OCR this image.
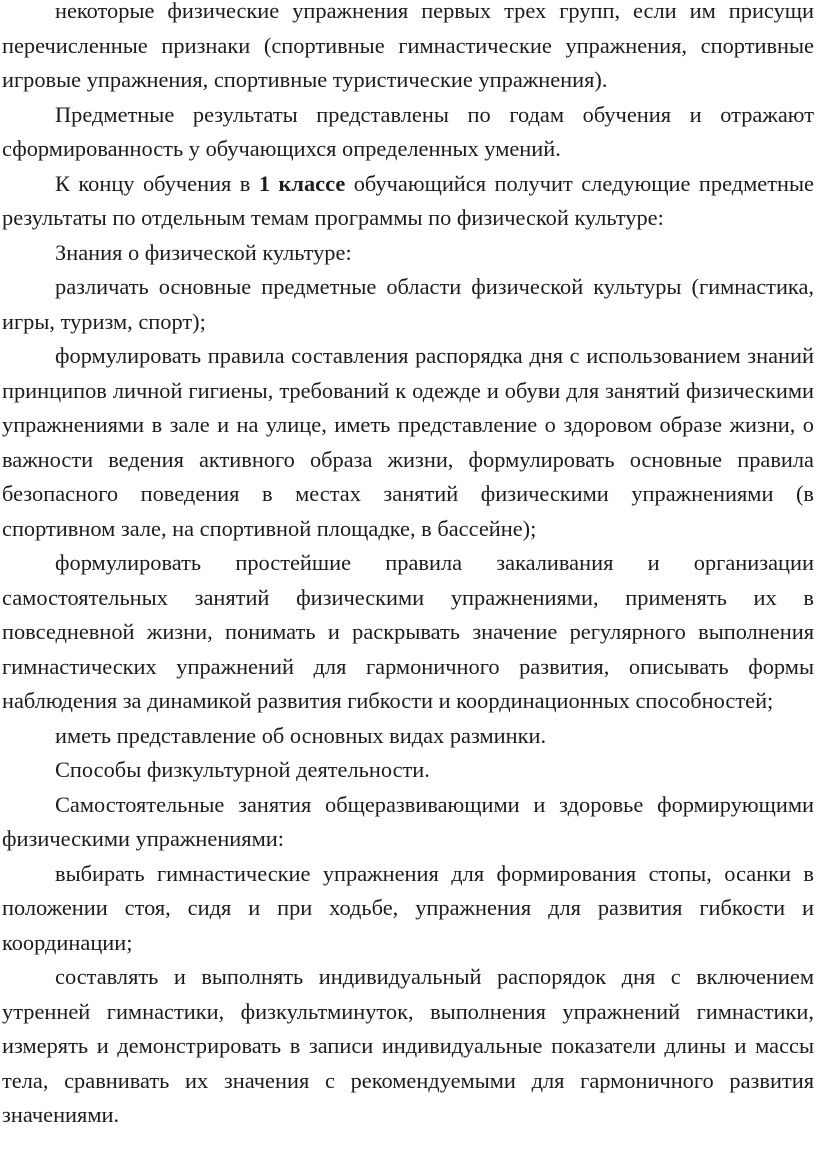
некоторые физические упражнения первых трех групп, если им присущи перечисленные признаки (спортивные гимнастические упражнения, спортивные игровые упражнения, спортивные туристические упражнения).

Предметные результаты представлены по годам обучения и отражают сформированность у обучающихся определенных умений.

К концу обучения в 1 классе обучающийся получит следующие предметные результаты по отдельным темам программы по физической культуре:

Знания о физической культуре:

различать основные предметные области физической культуры (гимнастика, игры, туризм, спорт);

формулировать правила составления распорядка дня с использованием знаний принципов личной гигиены, требований к одежде и обуви для занятий физическими упражнениями в зале и на улице, иметь представление о здоровом образе жизни, о важности ведения активного образа жизни, формулировать основные правила безопасного поведения в местах занятий физическими упражнениями (в спортивном зале, на спортивной площадке, в бассейне);

формулировать простейшие правила закаливания и организации самостоятельных занятий физическими упражнениями, применять их в повседневной жизни, понимать и раскрывать значение регулярного выполнения гимнастических упражнений для гармоничного развития, описывать формы наблюдения за динамикой развития гибкости и координационных способностей;

иметь представление об основных видах разминки.

Способы физкультурной деятельности.

Самостоятельные занятия общеразвивающими и здоровье формирующими физическими упражнениями:

выбирать гимнастические упражнения для формирования стопы, осанки в положении стоя, сидя и при ходьбе, упражнения для развития гибкости и координации;

составлять и выполнять индивидуальный распорядок дня с включением утренней гимнастики, физкультминуток, выполнения упражнений гимнастики, измерять и демонстрировать в записи индивидуальные показатели длины и массы тела, сравнивать их значения с рекомендуемыми для гармоничного развития значениями.
